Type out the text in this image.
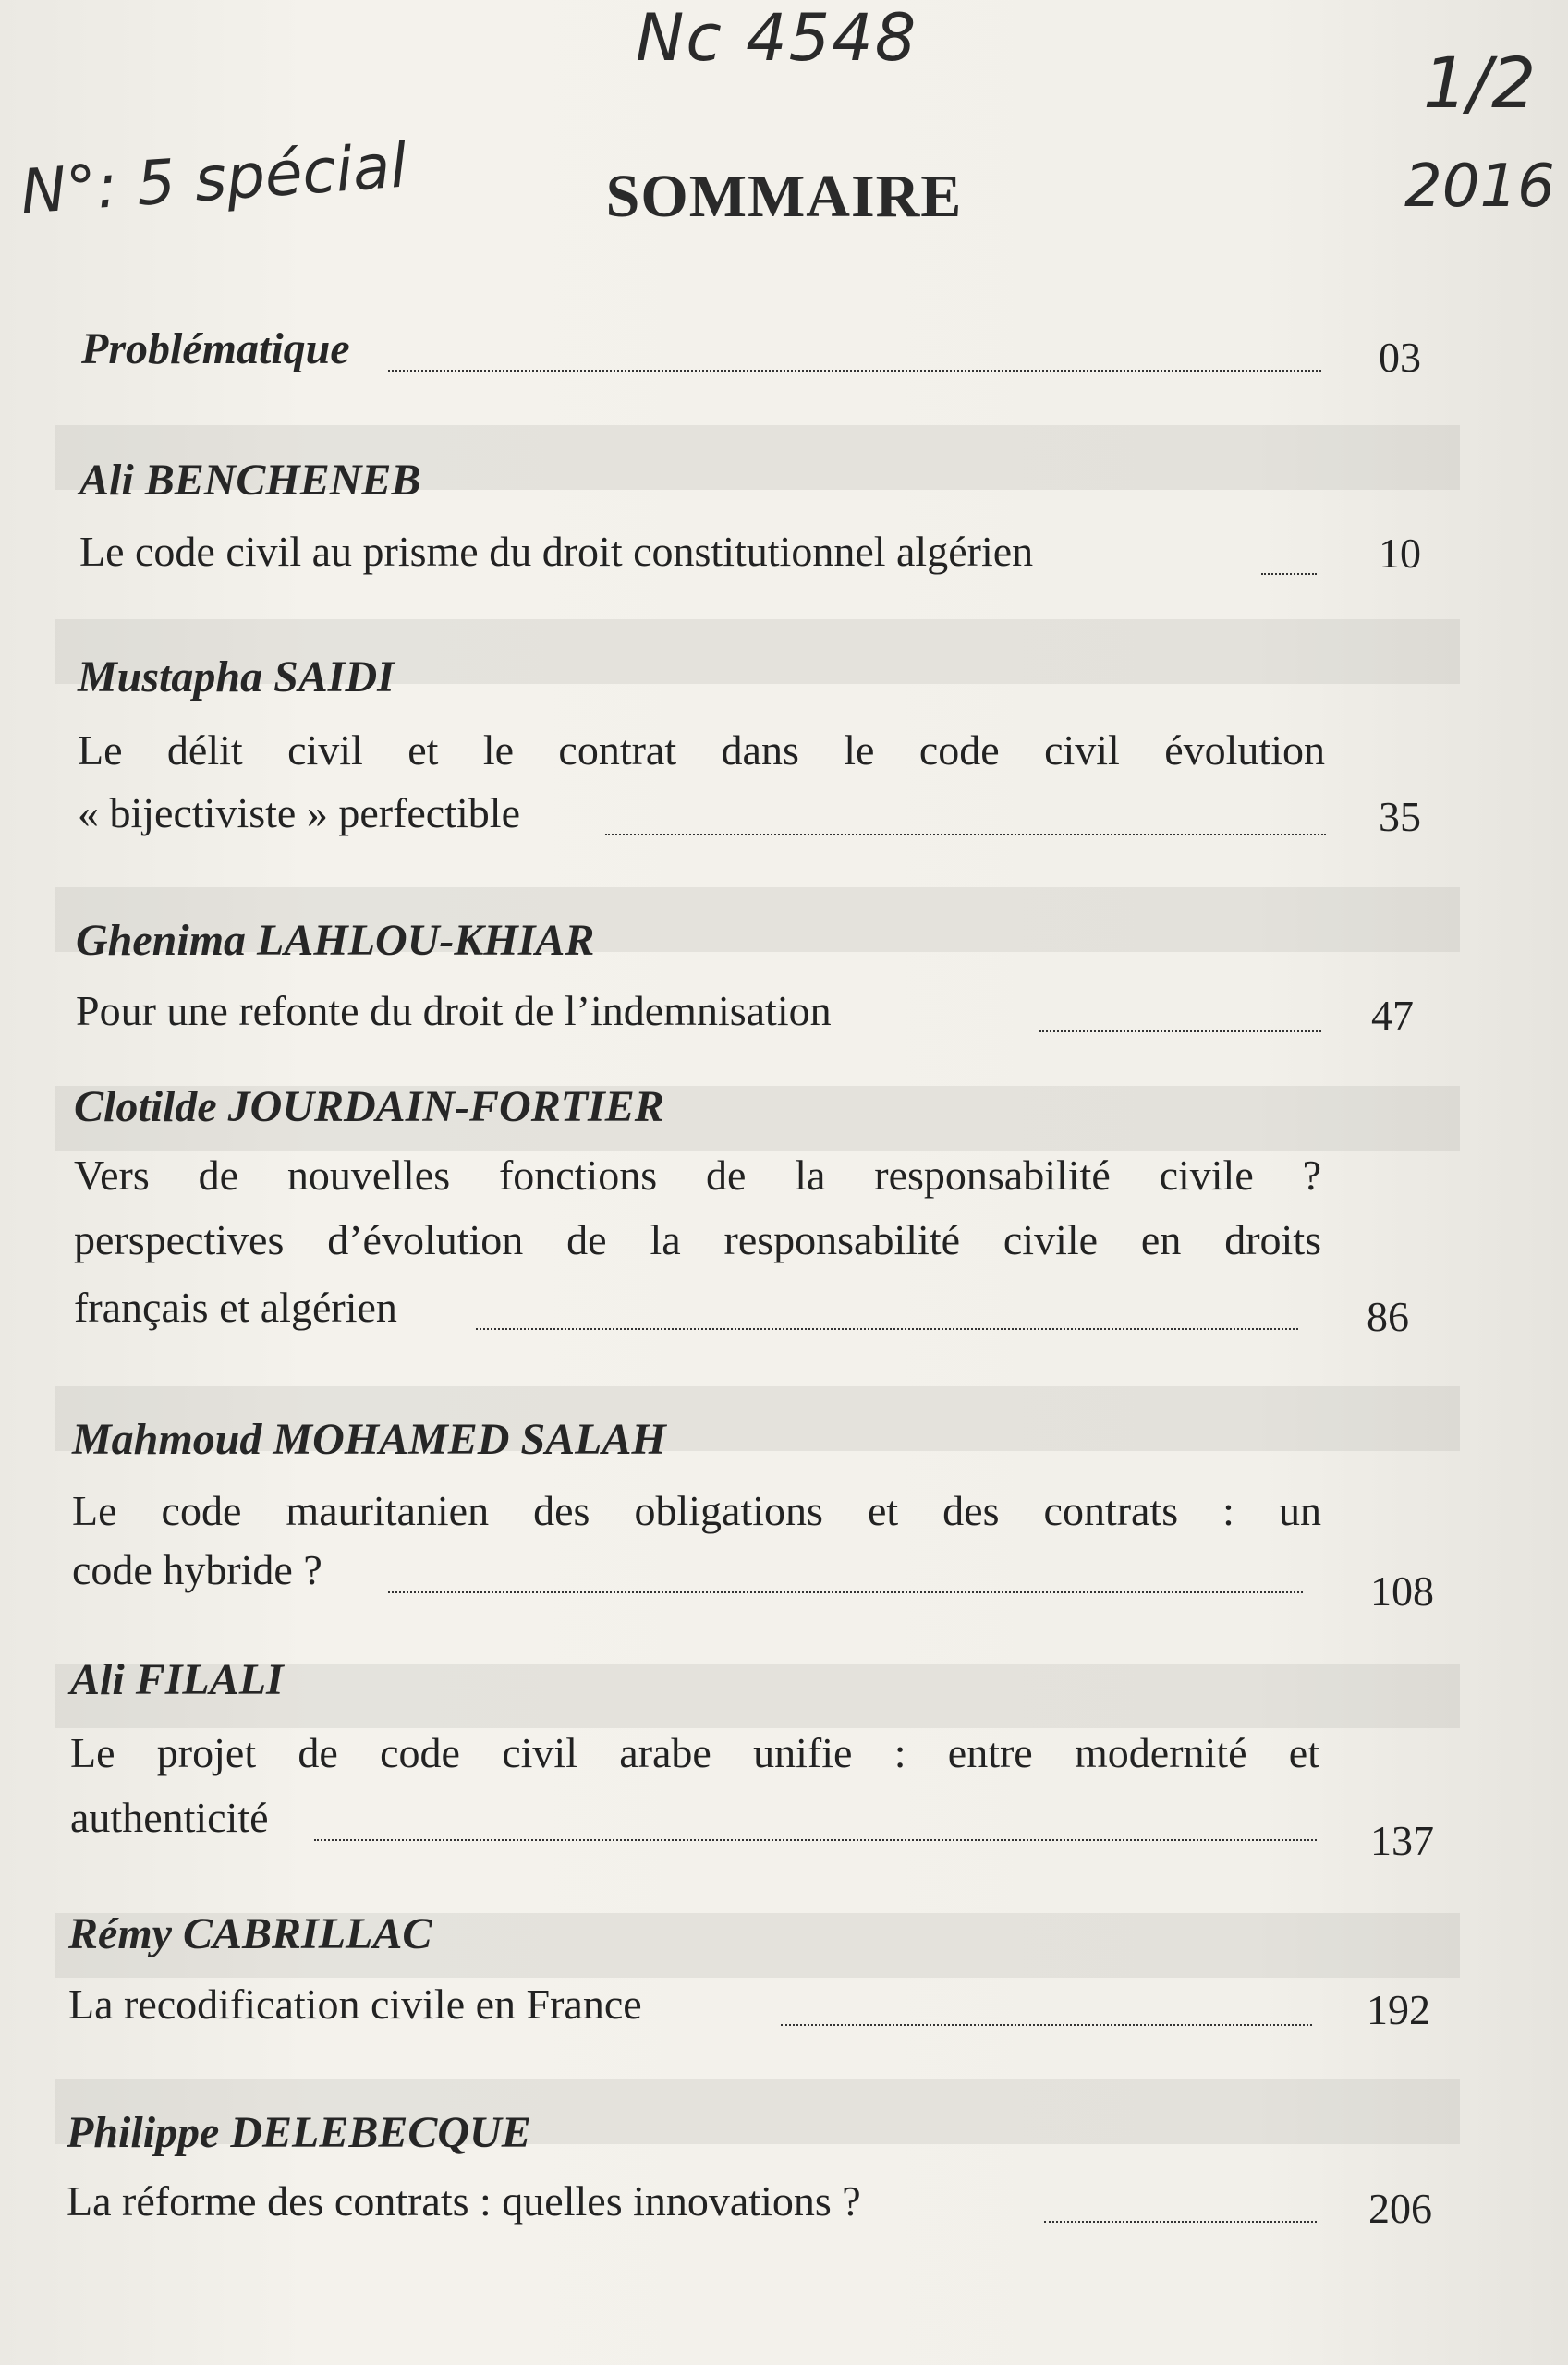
Nc 4548
N°: 5 spécial
1/2
2016
SOMMAIRE
Problématique	03
Ali BENCHENEB
Le code civil au prisme du droit constitutionnel algérien	10
Mustapha SAIDI
Le délit civil et le contrat dans le code civil évolution
« bijectiviste » perfectible	35
Ghenima LAHLOU-KHIAR
Pour une refonte du droit de l’indemnisation	47
Clotilde JOURDAIN-FORTIER
Vers de nouvelles fonctions de la responsabilité civile ?
perspectives d’évolution de la responsabilité civile en droits
français et algérien	86
Mahmoud MOHAMED SALAH
Le code mauritanien des obligations et des contrats : un
code hybride ?	108
Ali FILALI
Le projet de code civil arabe unifie : entre modernité et
authenticité	137
Rémy CABRILLAC
La recodification civile en France	192
Philippe DELEBECQUE
La réforme des contrats : quelles innovations ?	206
